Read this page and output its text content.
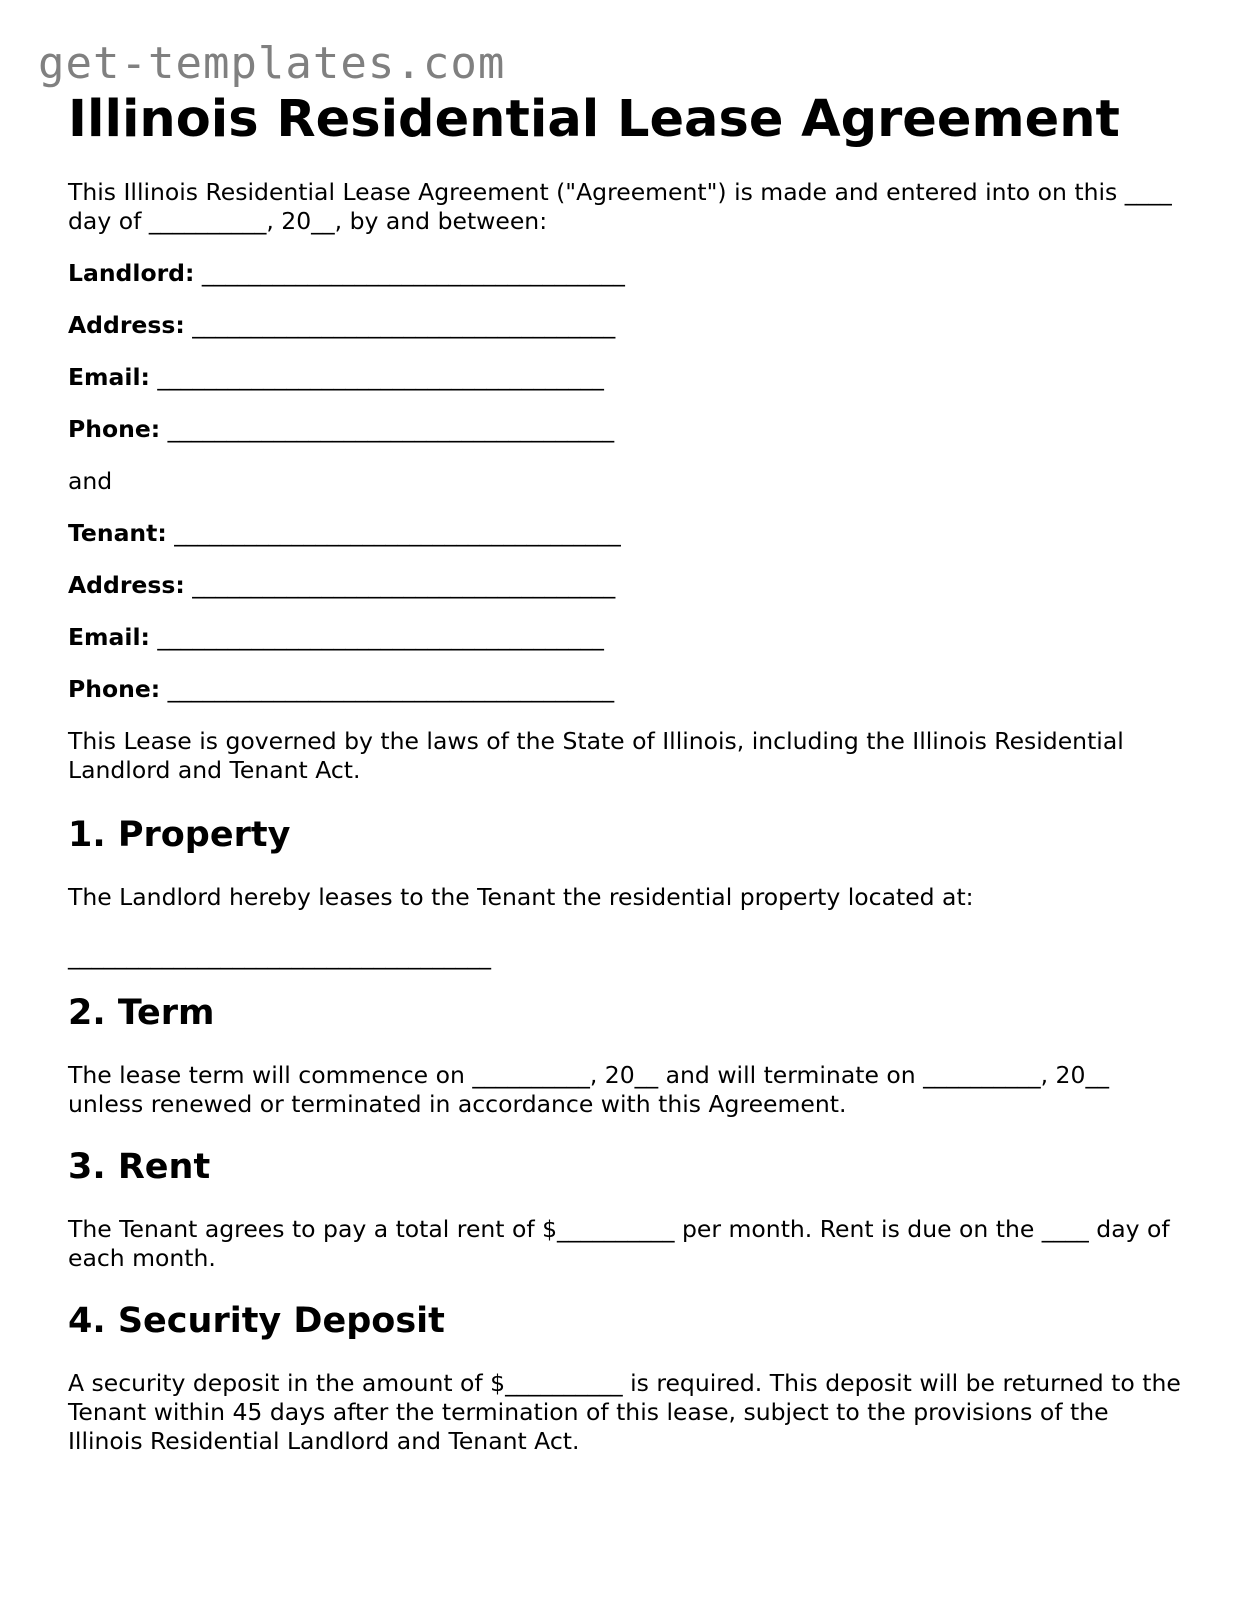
get-templates.com
Illinois Residential Lease Agreement

This Illinois Residential Lease Agreement ("Agreement") is made and entered into on this ____ day of __________, 20__, by and between:

Landlord: ____________________________________

Address: ____________________________________

Email: ______________________________________

Phone: ______________________________________

and

Tenant: ______________________________________

Address: ____________________________________

Email: ______________________________________

Phone: ______________________________________

This Lease is governed by the laws of the State of Illinois, including the Illinois Residential Landlord and Tenant Act.

1. Property

The Landlord hereby leases to the Tenant the residential property located at:

____________________________________

2. Term

The lease term will commence on __________, 20__ and will terminate on __________, 20__ unless renewed or terminated in accordance with this Agreement.

3. Rent

The Tenant agrees to pay a total rent of $__________ per month. Rent is due on the ____ day of each month.

4. Security Deposit

A security deposit in the amount of $__________ is required. This deposit will be returned to the Tenant within 45 days after the termination of this lease, subject to the provisions of the Illinois Residential Landlord and Tenant Act.
